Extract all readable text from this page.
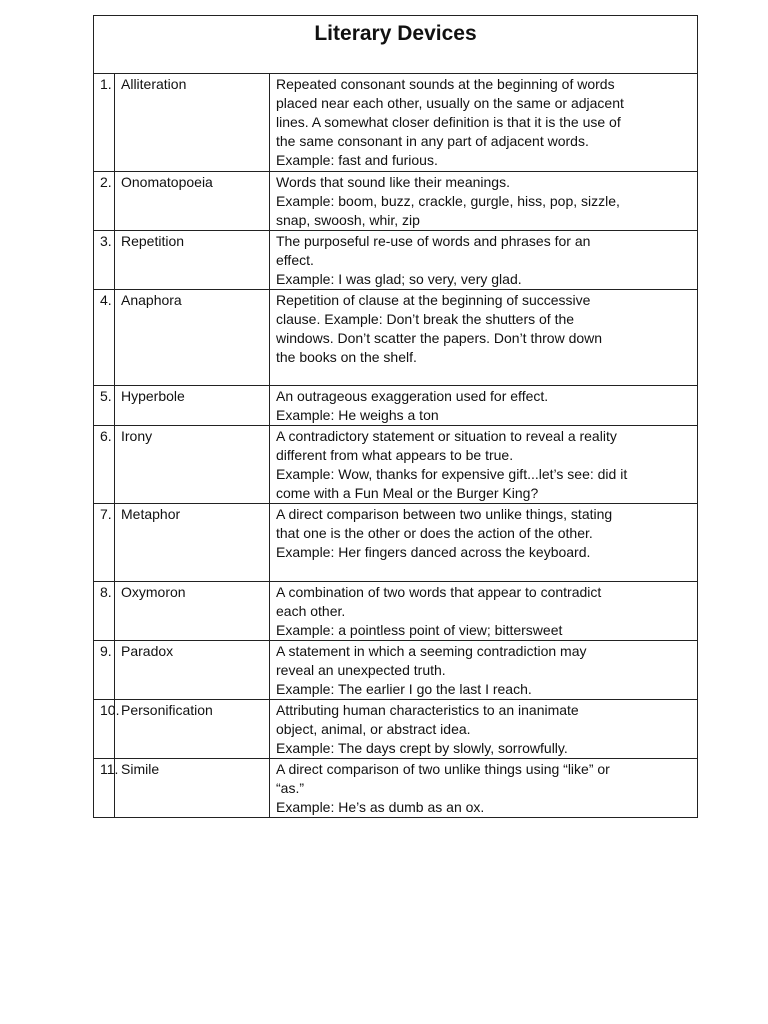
Literary Devices		
1.	Alliteration	Repeated consonant sounds at the beginning of words
placed near each other, usually on the same or adjacent
lines. A somewhat closer definition is that it is the use of
the same consonant in any part of adjacent words.
Example: fast and furious.

2.	Onomatopoeia	Words that sound like their meanings.
Example: boom, buzz, crackle, gurgle, hiss, pop, sizzle,
snap, swoosh, whir, zip

3.	Repetition	The purposeful re-use of words and phrases for an
effect.
Example: I was glad; so very, very glad.

4.	Anaphora	Repetition of clause at the beginning of successive
clause. Example: Don’t break the shutters of the
windows. Don’t scatter the papers. Don’t throw down
the books on the shelf.

5.	Hyperbole	An outrageous exaggeration used for effect.
Example: He weighs a ton

6.	Irony	A contradictory statement or situation to reveal a reality
different from what appears to be true.
Example: Wow, thanks for expensive gift...let’s see: did it
come with a Fun Meal or the Burger King?

7.	Metaphor	A direct comparison between two unlike things, stating
that one is the other or does the action of the other.
Example: Her fingers danced across the keyboard.

8.	Oxymoron	A combination of two words that appear to contradict
each other.
Example: a pointless point of view; bittersweet

9.	Paradox	A statement in which a seeming contradiction may
reveal an unexpected truth.
Example: The earlier I go the last I reach.

10.	Personification	Attributing human characteristics to an inanimate
object, animal, or abstract idea.
Example: The days crept by slowly, sorrowfully.

11.	Simile	A direct comparison of two unlike things using “like” or
“as.”
Example: He’s as dumb as an ox.
